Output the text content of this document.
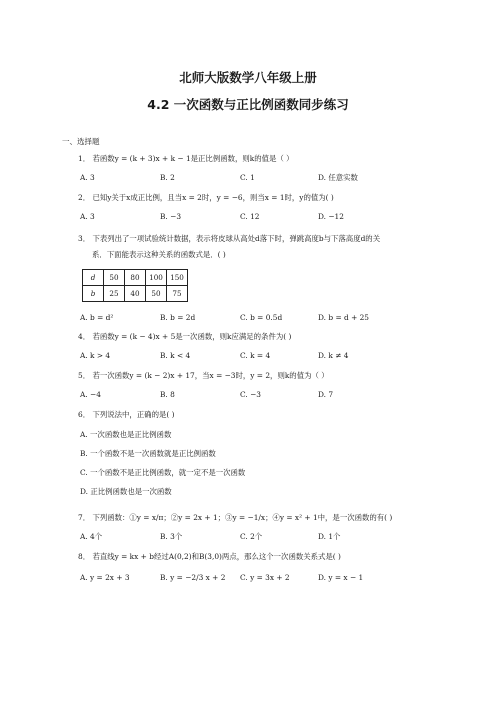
北师大版数学八年级上册
4.2 一次函数与正比例函数同步练习
一、选择题
1． 若函数y = (k + 3)x + k − 1是正比例函数，则k的值是（ ）
A. 3	B. 2	C. 1	D. 任意实数
2． 已知y关于x成正比例，且当x = 2时，y = −6，则当x = 1时，y的值为( )
A. 3	B. −3	C. 12	D. −12
3． 下表列出了一项试验统计数据，表示将皮球从高处d落下时，弹跳高度b与下落高度d的关
系．下面能表示这种关系的函数式是．( )
d	50	80	100	150
b	25	40	50	75
A. b = d²	B. b = 2d	C. b = 0.5d	D. b = d + 25
4． 若函数y = (k − 4)x + 5是一次函数，则k应满足的条件为( )
A. k > 4	B. k < 4	C. k = 4	D. k ≠ 4
5． 若一次函数y = (k − 2)x + 17，当x = −3时，y = 2，则k的值为（ ）
A. −4	B. 8	C. −3	D. 7
6． 下列说法中，正确的是( )
A. 一次函数也是正比例函数
B. 一个函数不是一次函数就是正比例函数
C. 一个函数不是正比例函数，就一定不是一次函数
D. 正比例函数也是一次函数
7． 下列函数：①y = x/π；②y = 2x + 1；③y = −1/x；④y = x² + 1中，是一次函数的有( )
A. 4个	B. 3个	C. 2个	D. 1个
8． 若直线y = kx + b经过A(0,2)和B(3,0)两点，那么这个一次函数关系式是( )
A. y = 2x + 3	B. y = −2/3 x + 2 C. y = 3x + 2	D. y = x − 1
